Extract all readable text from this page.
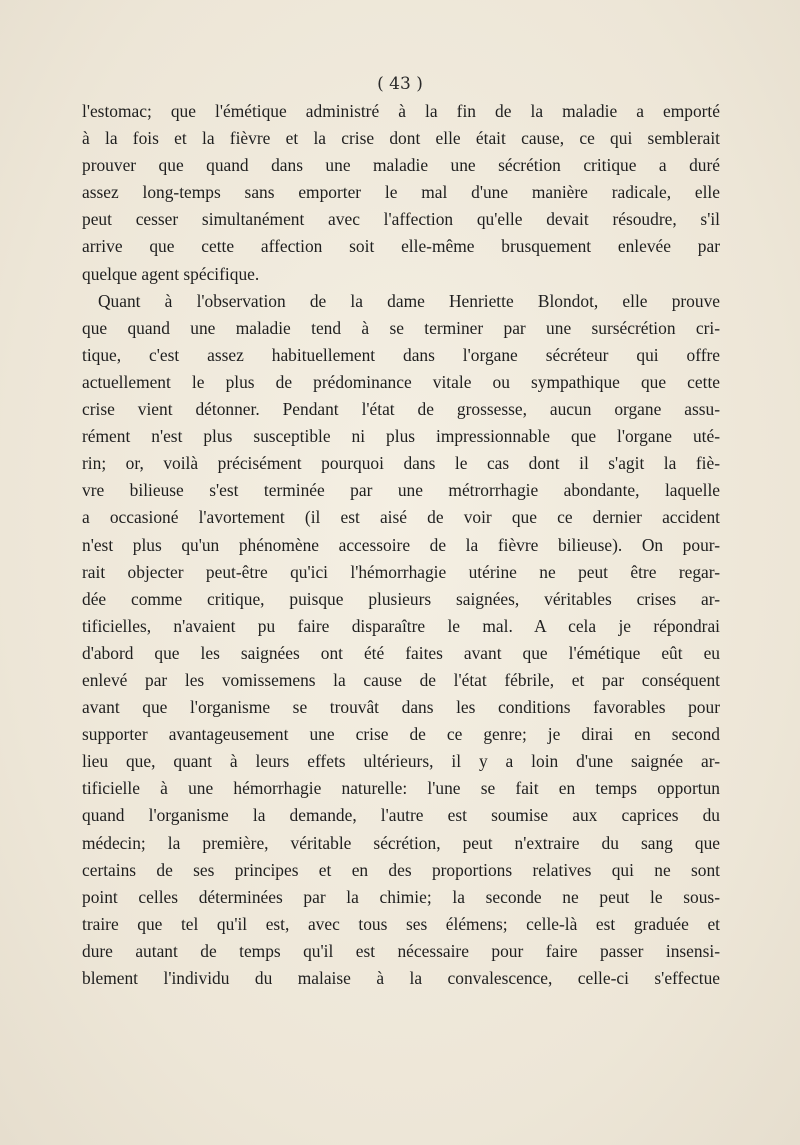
( 43 )
l'estomac; que l'émétique administré à la fin de la maladie a emporté
à la fois et la fièvre et la crise dont elle était cause, ce qui semblerait
prouver que quand dans une maladie une sécrétion critique a duré
assez long-temps sans emporter le mal d'une manière radicale, elle
peut cesser simultanément avec l'affection qu'elle devait résoudre, s'il
arrive que cette affection soit elle-même brusquement enlevée par
quelque agent spécifique.
Quant à l'observation de la dame Henriette Blondot, elle prouve
que quand une maladie tend à se terminer par une sursécrétion cri-
tique, c'est assez habituellement dans l'organe sécréteur qui offre
actuellement le plus de prédominance vitale ou sympathique que cette
crise vient détonner. Pendant l'état de grossesse, aucun organe assu-
rément n'est plus susceptible ni plus impressionnable que l'organe uté-
rin; or, voilà précisément pourquoi dans le cas dont il s'agit la fiè-
vre bilieuse s'est terminée par une métrorrhagie abondante, laquelle
a occasioné l'avortement (il est aisé de voir que ce dernier accident
n'est plus qu'un phénomène accessoire de la fièvre bilieuse). On pour-
rait objecter peut-être qu'ici l'hémorrhagie utérine ne peut être regar-
dée comme critique, puisque plusieurs saignées, véritables crises ar-
tificielles, n'avaient pu faire disparaître le mal. A cela je répondrai
d'abord que les saignées ont été faites avant que l'émétique eût eu
enlevé par les vomissemens la cause de l'état fébrile, et par conséquent
avant que l'organisme se trouvât dans les conditions favorables pour
supporter avantageusement une crise de ce genre; je dirai en second
lieu que, quant à leurs effets ultérieurs, il y a loin d'une saignée ar-
tificielle à une hémorrhagie naturelle: l'une se fait en temps opportun
quand l'organisme la demande, l'autre est soumise aux caprices du
médecin; la première, véritable sécrétion, peut n'extraire du sang que
certains de ses principes et en des proportions relatives qui ne sont
point celles déterminées par la chimie; la seconde ne peut le sous-
traire que tel qu'il est, avec tous ses élémens; celle-là est graduée et
dure autant de temps qu'il est nécessaire pour faire passer insensi-
blement l'individu du malaise à la convalescence, celle-ci s'effectue
